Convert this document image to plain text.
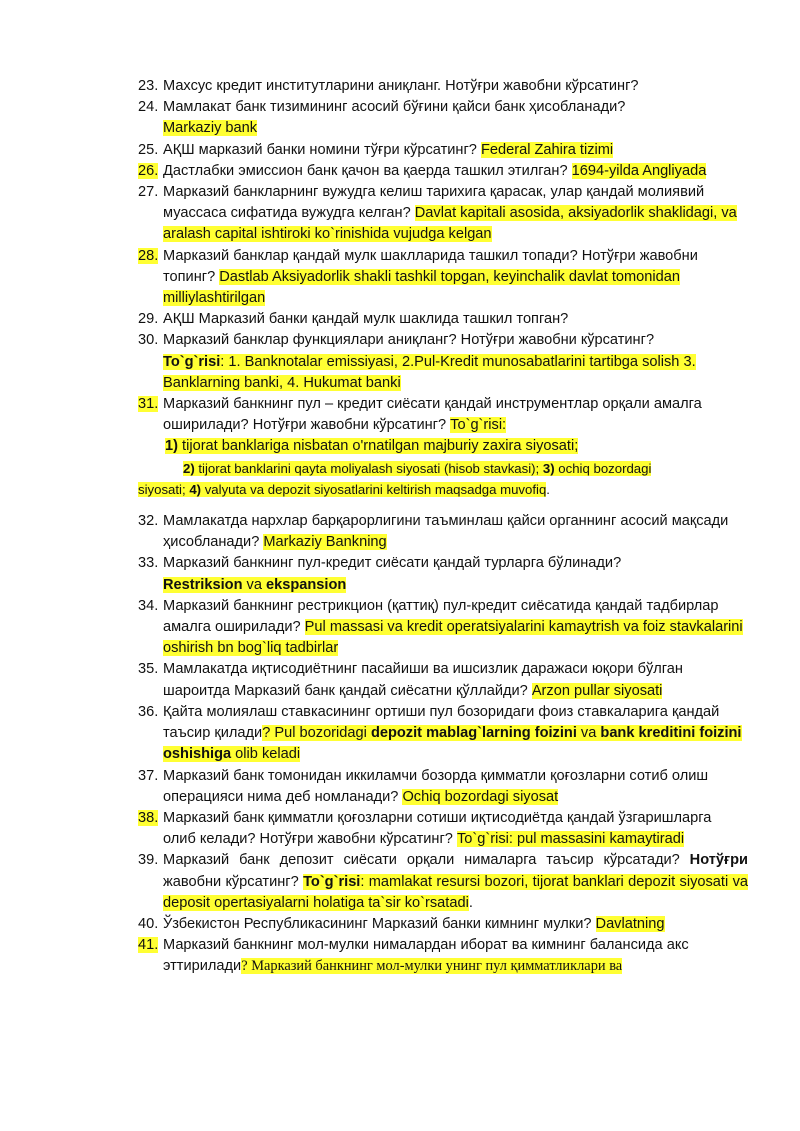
23. Махсус кредит институтларини аниқланг. Нотўғри жавобни кўрсатинг?
24. Мамлакат банк тизимининг асосий бўғини қайси банк ҳисобланади?
Markaziy bank
25. АҚШ марказий банки номини тўғри кўрсатинг? Federal Zahira tizimi
26. Дастлабки эмиссион банк қачон ва қаерда ташкил этилган? 1694-yilda Angliyada
27. Марказий банкларнинг вужудга келиш тарихига қарасак, улар қандай молиявий муассаса сифатида вужудга келган? Davlat kapitali asosida, aksiyadorlik shaklidagi, va aralash capital ishtiroki ko`rinishida vujudga kelgan
28. Марказий банклар қандай мулк шаклларида ташкил топади? Нотўғри жавобни топинг? Dastlab Aksiyadorlik shakli tashkil topgan, keyinchalik davlat tomonidan milliylashtirilgan
29. АҚШ Марказий банки қандай мулк шаклида ташкил топган?
30. Марказий банклар функциялари аниқланг? Нотўғри жавобни кўрсатинг?
To`g`risi: 1. Banknotalar emissiyasi, 2.Pul-Kredit munosabatlarini tartibga solish 3. Banklarning banki, 4. Hukumat banki
31. Марказий банкнинг пул – кредит сиёсати қандай инструментлар орқали амалга оширилади? Нотўғри жавобни кўрсатинг? To`g`risi:
1) tijorat banklariga nisbatan o'rnatilgan majburiy zaxira siyosati;
2) tijorat banklarini qayta moliyalash siyosati (hisob stavkasi); 3) ochiq bozordagi
siyosati; 4) valyuta va depozit siyosatlarini keltirish maqsadga muvofiq.
32. Мамлакатда нархлар барқарорлигини таъминлаш қайси органнинг асосий мақсади ҳисобланади? Markaziy Bankning
33. Марказий банкнинг пул-кредит сиёсати қандай турларга бўлинади?
Restriksion va ekspansion
34. Марказий банкнинг рестрикцион (қаттиқ) пул-кредит сиёсатида қандай тадбирлар амалга оширилади? Pul massasi va kredit operatsiyalarini kamaytrish va foiz stavkalarini oshirish bn bog`liq tadbirlar
35. Мамлакатда иқтисодиётнинг пасайиши ва ишсизлик даражаси юқори бўлган шароитда Марказий банк қандай сиёсатни қўллайди? Arzon pullar siyosati
36. Қайта молиялаш ставкасининг ортиши пул бозоридаги фоиз ставкаларига қандай таъсир қилади? Pul bozoridagi depozit mablag`larning foizini va bank kreditini foizini oshishiga olib keladi
37. Марказий банк томонидан иккиламчи бозорда қимматли қоғозларни сотиб олиш операцияси нима деб номланади? Ochiq bozordagi siyosat
38. Марказий банк қимматли қоғозларни сотиши иқтисодиётда қандай ўзгаришларга олиб келади? Нотўғри жавобни кўрсатинг? To`g`risi: pul massasini kamaytiradi
39. Марказий банк депозит сиёсати орқали нималарга таъсир кўрсатади? Нотўғри жавобни кўрсатинг? To`g`risi: mamlakat resursi bozori, tijorat banklari depozit siyosati va deposit opertasiyalarni holatiga ta`sir ko`rsatadi.
40. Ўзбекистон Республикасининг Марказий банки кимнинг мулки? Davlatning
41. Марказий банкнинг мол-мулки нималардан иборат ва кимнинг балансида акс эттирилади? Марказий банкнинг мол-мулки унинг пул қимматликлари ва
